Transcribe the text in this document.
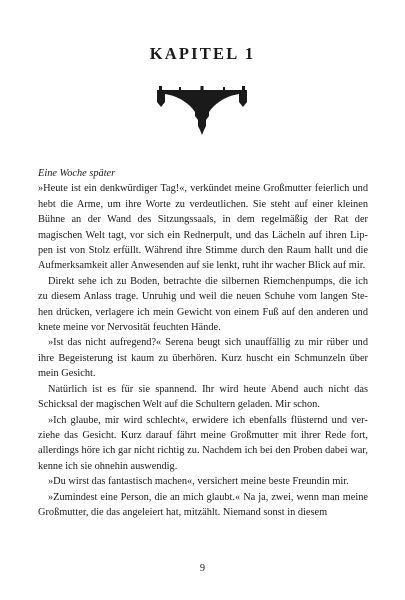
KAPITEL 1

Eine Woche später

»Heute ist ein denkwürdiger Tag!«, verkündet meine Großmutter feierlich und hebt die Arme, um ihre Worte zu verdeutlichen. Sie steht auf einer kleinen Bühne an der Wand des Sitzungssaals, in dem regelmäßig der Rat der magischen Welt tagt, vor sich ein Rednerpult, und das Lächeln auf ihren Lippen ist von Stolz erfüllt. Während ihre Stimme durch den Raum hallt und die Aufmerksamkeit aller Anwesenden auf sie lenkt, ruht ihr wacher Blick auf mir.

Direkt sehe ich zu Boden, betrachte die silbernen Riemchenpumps, die ich zu diesem Anlass trage. Unruhig und weil die neuen Schuhe vom langen Stehen drücken, verlagere ich mein Gewicht von einem Fuß auf den anderen und knete meine vor Nervosität feuchten Hände.

»Ist das nicht aufregend?« Serena beugt sich unauffällig zu mir rüber und ihre Begeisterung ist kaum zu überhören. Kurz huscht ein Schmunzeln über mein Gesicht.

Natürlich ist es für sie spannend. Ihr wird heute Abend auch nicht das Schicksal der magischen Welt auf die Schultern geladen. Mir schon.

»Ich glaube, mir wird schlecht«, erwidere ich ebenfalls flüsternd und verziehe das Gesicht. Kurz darauf fährt meine Großmutter mit ihrer Rede fort, allerdings höre ich gar nicht richtig zu. Nachdem ich bei den Proben dabei war, kenne ich sie ohnehin auswendig.

»Du wirst das fantastisch machen«, versichert meine beste Freundin mir.

»Zumindest eine Person, die an mich glaubt.« Na ja, zwei, wenn man meine Großmutter, die das angeleiert hat, mitzählt. Niemand sonst in diesem

9
